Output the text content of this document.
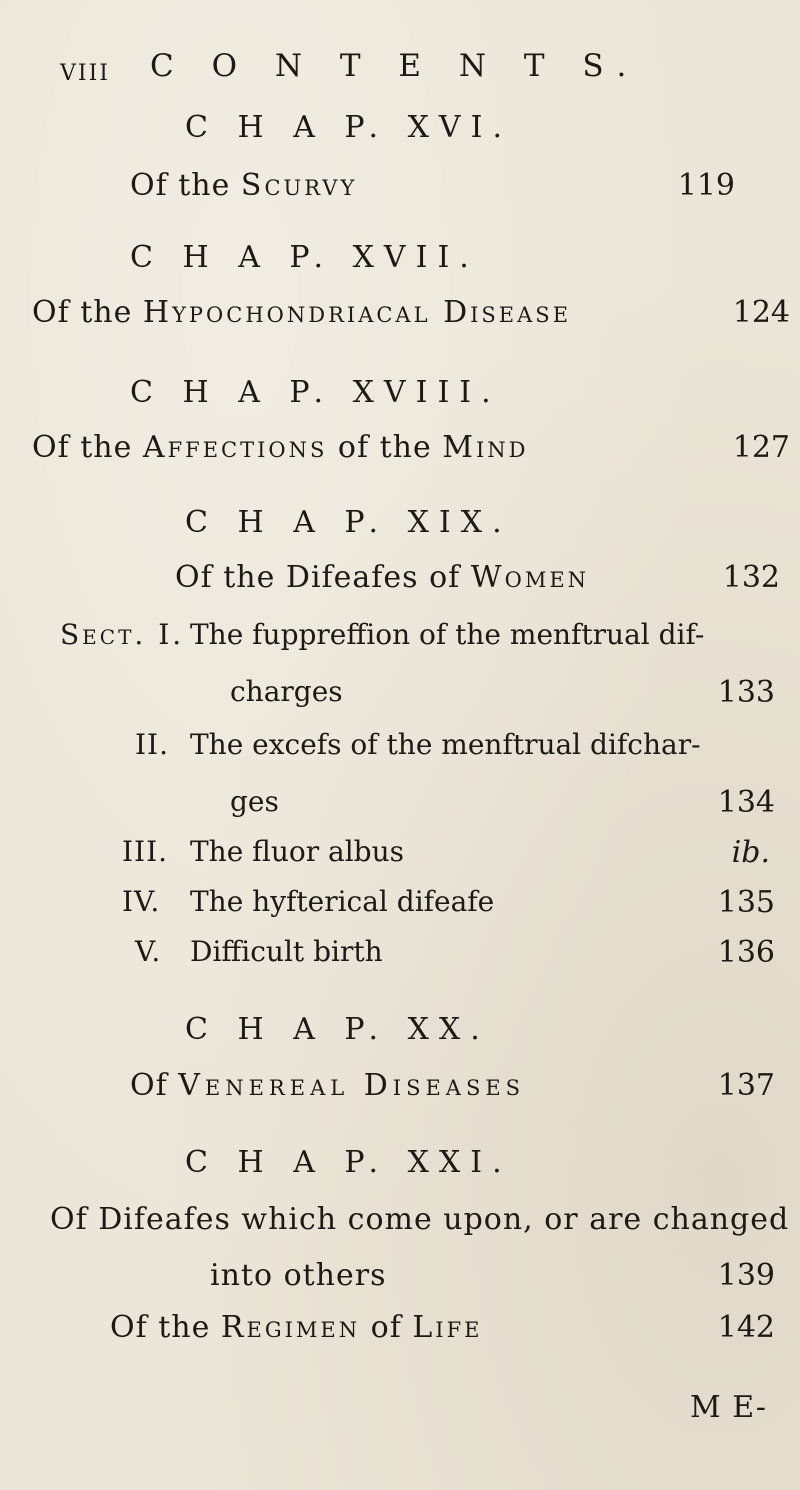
viii C O N T E N T S.
C H A P. XVI.
Of the Scurvy	119
C H A P. XVII.
Of the Hypochondriacal Disease	124
C H A P. XVIII.
Of the Affections of the Mind	127
C H A P. XIX.
Of the Difeafes of Women	132
Sect. I. The fuppreffion of the menftrual dif-
charges	133
II. The excefs of the menftrual difchar-
ges	134
III. The fluor albus	ib.
IV. The hyfterical difeafe	135
V. Difficult birth	136
C H A P. XX.
Of Venereal Diseases	137
C H A P. XXI.
Of Difeafes which come upon, or are changed
into others	139
Of the Regimen of Life	142
M E-
